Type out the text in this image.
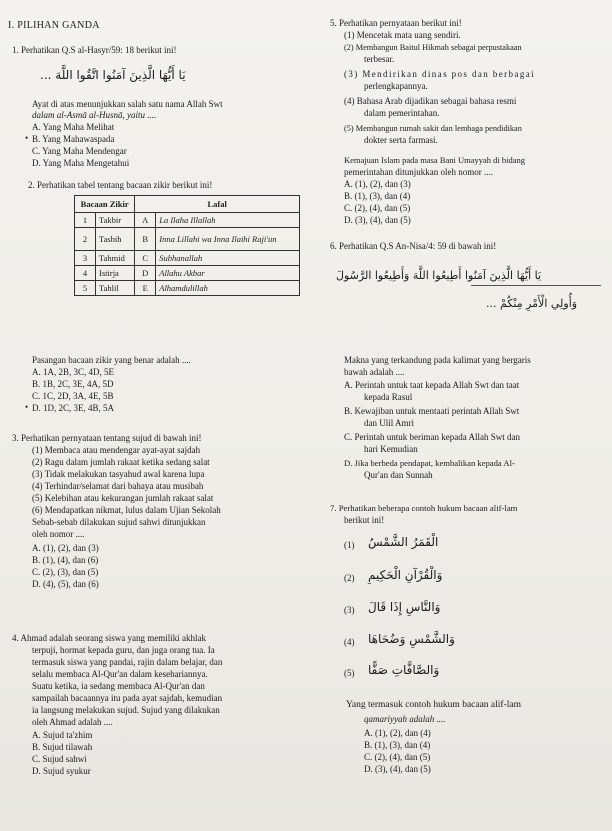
I. PILIHAN GANDA
1. Perhatikan Q.S al-Hasyr/59: 18 berikut ini!
يَا أَيُّهَا الَّذِينَ آمَنُوا اتَّقُوا اللَّهَ ...
Ayat di atas menunjukkan salah satu nama Allah Swt
dalam al-Asmā al-Husnā, yaitu ....
A. Yang Maha Melihat
B. Yang Mahawaspada
•
C. Yang Maha Mendengar
D. Yang Maha Mengetahui
2. Perhatikan tabel tentang bacaan zikir berikut ini!
Bacaan Zikir		Lafal	
1	Takbir	A	La Ilaha Illallah
2	Tasbih	B	Inna Lillahi wa Inna Ilaihi Raji'un
3	Tahmid	C	Subhanallah
4	Istirja	D	Allahu Akbar
5	Tahlil	E	Alhamdulillah
Pasangan bacaan zikir yang benar adalah ....
A. 1A, 2B, 3C, 4D, 5E
B. 1B, 2C, 3E, 4A, 5D
C. 1C, 2D, 3A, 4E, 5B
D. 1D, 2C, 3E, 4B, 5A
•
3. Perhatikan pernyataan tentang sujud di bawah ini!
(1) Membaca atau mendengar ayat-ayat sajdah
(2) Ragu dalam jumlah rakaat ketika sedang salat
(3) Tidak melakukan tasyahud awal karena lupa
(4) Terhindar/selamat dari bahaya atau musibah
(5) Kelebihan atau kekurangan jumlah rakaat salat
(6) Mendapatkan nikmat, lulus dalam Ujian Sekolah
Sebab-sebab dilakukan sujud sahwi ditunjukkan
oleh nomor ....
A. (1), (2), dan (3)
B. (1), (4), dan (6)
C. (2), (3), dan (5)
D. (4), (5), dan (6)
4. Ahmad adalah seorang siswa yang memiliki akhlak
terpuji, hormat kepada guru, dan juga orang tua. Ia
termasuk siswa yang pandai, rajin dalam belajar, dan
selalu membaca Al-Qur'an dalam kesehariannya.
Suatu ketika, ia sedang membaca Al-Qur'an dan
sampailah bacaannya itu pada ayat sajdah, kemudian
ia langsung melakukan sujud. Sujud yang dilakukan
oleh Ahmad adalah ....
A. Sujud ta'zhim
B. Sujud tilawah
C. Sujud sahwi
D. Sujud syukur
5. Perhatikan pernyataan berikut ini!
(1) Mencetak mata uang sendiri.
(2) Membangun Baitul Hikmah sebagai perpustakaan
terbesar.
(3) Mendirikan dinas pos dan berbagai
perlengkapannya.
(4) Bahasa Arab dijadikan sebagai bahasa resmi
dalam pemerintahan.
(5) Membangun rumah sakit dan lembaga pendidikan
dokter serta farmasi.
Kemajuan Islam pada masa Bani Umayyah di bidang
pemerintahan ditunjukkan oleh nomor ....
A. (1), (2), dan (3)
B. (1), (3), dan (4)
C. (2), (4), dan (5)
D. (3), (4), dan (5)
6. Perhatikan Q.S An-Nisa/4: 59 di bawah ini!
يَا أَيُّهَا الَّذِينَ آمَنُوا أَطِيعُوا اللَّهَ وَأَطِيعُوا الرَّسُولَ
وَأُولِي الْأَمْرِ مِنْكُمْ ...
Makna yang terkandung pada kalimat yang bergaris
bawah adalah ....
A. Perintah untuk taat kepada Allah Swt dan taat
kepada Rasul
B. Kewajiban untuk mentaati perintah Allah Swt
dan Ulil Amri
C. Perintah untuk beriman kepada Allah Swt dan
hari Kemudian
D. Jika berbeda pendapat, kembalikan kepada Al-
Qur'an dan Sunnah
7. Perhatikan beberapa contoh hukum bacaan alif-lam
berikut ini!
(1) الْقَمَرُ الشَّمْسُ
(2) وَالْقُرْآنِ الْحَكِيمِ
(3) وَالنَّاسِ إِذَا قَالَ
(4) وَالشَّمْسِ وَضُحَاهَا
(5) وَالصَّافَّاتِ صَفًّا
Yang termasuk contoh hukum bacaan alif-lam
qamariyyah adalah ....
A. (1), (2), dan (4)
B. (1), (3), dan (4)
C. (2), (4), dan (5)
D. (3), (4), dan (5)
